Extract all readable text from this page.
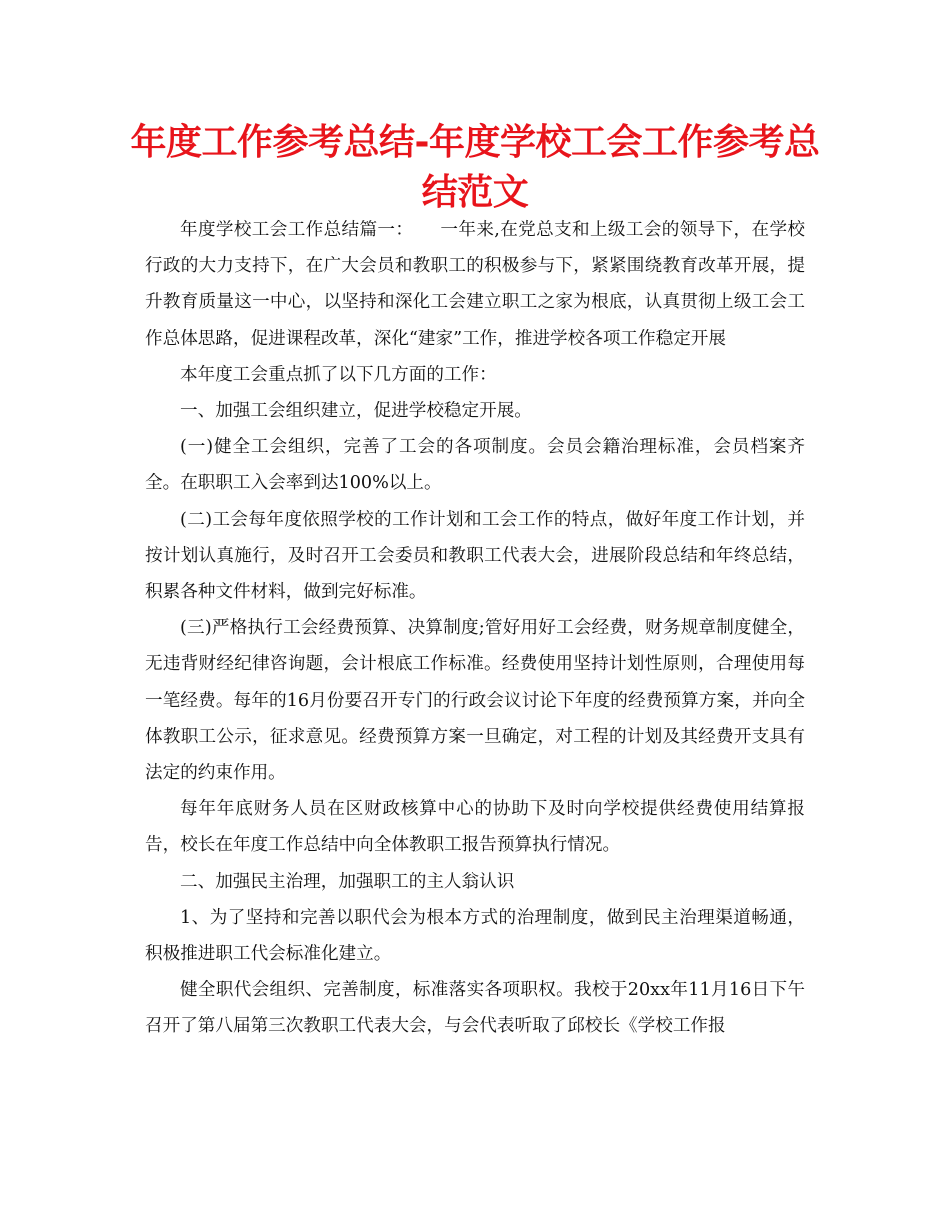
年度工作参考总结-年度学校工会工作参考总结范文

年度学校工会工作总结篇一：　　一年来,在党总支和上级工会的领导下，在学校行政的大力支持下，在广大会员和教职工的积极参与下，紧紧围绕教育改革开展，提升教育质量这一中心，以坚持和深化工会建立职工之家为根底，认真贯彻上级工会工作总体思路，促进课程改革，深化“建家”工作，推进学校各项工作稳定开展

本年度工会重点抓了以下几方面的工作：

一、加强工会组织建立，促进学校稳定开展。

(一)健全工会组织，完善了工会的各项制度。会员会籍治理标准，会员档案齐全。在职职工入会率到达100%以上。

(二)工会每年度依照学校的工作计划和工会工作的特点，做好年度工作计划，并按计划认真施行，及时召开工会委员和教职工代表大会，进展阶段总结和年终总结，积累各种文件材料，做到完好标准。

(三)严格执行工会经费预算、决算制度;管好用好工会经费，财务规章制度健全，无违背财经纪律咨询题，会计根底工作标准。经费使用坚持计划性原则，合理使用每一笔经费。每年的16月份要召开专门的行政会议讨论下年度的经费预算方案，并向全体教职工公示，征求意见。经费预算方案一旦确定，对工程的计划及其经费开支具有法定的约束作用。

每年年底财务人员在区财政核算中心的协助下及时向学校提供经费使用结算报告，校长在年度工作总结中向全体教职工报告预算执行情况。

二、加强民主治理，加强职工的主人翁认识

1、为了坚持和完善以职代会为根本方式的治理制度，做到民主治理渠道畅通，积极推进职工代会标准化建立。

健全职代会组织、完善制度，标准落实各项职权。我校于20xx年11月16日下午召开了第八届第三次教职工代表大会，与会代表听取了邱校长《学校工作报
